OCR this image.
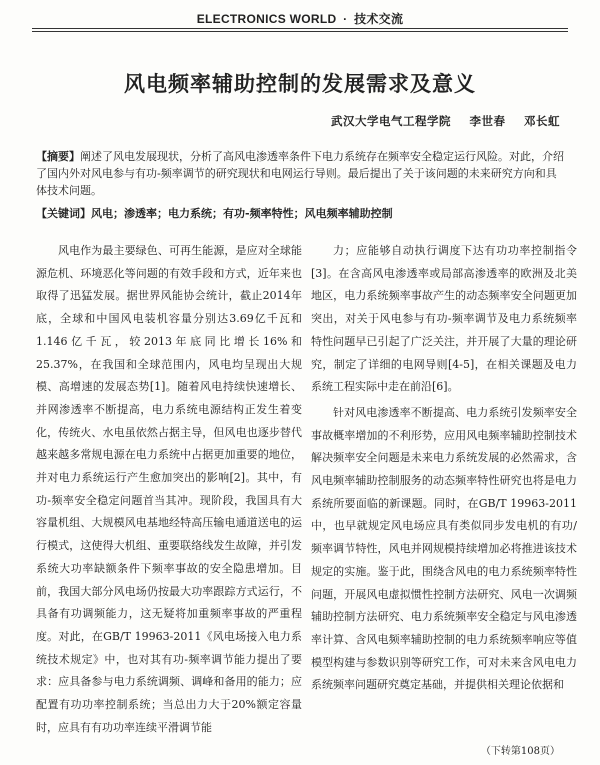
ELECTRONICS WORLD · 技术交流
风电频率辅助控制的发展需求及意义
武汉大学电气工程学院 李世春 邓长虹
【摘要】阐述了风电发展现状，分析了高风电渗透率条件下电力系统存在频率安全稳定运行风险。对此，介绍了国内外对风电参与有功-频率调节的研究现状和电网运行导则。最后提出了关于该问题的未来研究方向和具体技术问题。
【关键词】风电；渗透率；电力系统；有功-频率特性；风电频率辅助控制

风电作为最主要绿色、可再生能源，是应对全球能源危机、环境恶化等问题的有效手段和方式，近年来也取得了迅猛发展。据世界风能协会统计，截止2014年底，全球和中国风电装机容量分别达3.69亿千瓦和1.146亿千瓦，较2013年底同比增长16%和25.37%，在我国和全球范围内，风电均呈现出大规模、高增速的发展态势[1]。随着风电持续快速增长、并网渗透率不断提高，电力系统电源结构正发生着变化，传统火、水电虽依然占据主导，但风电也逐步替代越来越多常规电源在电力系统中占据更加重要的地位，并对电力系统运行产生愈加突出的影响[2]。其中，有功-频率安全稳定问题首当其冲。现阶段，我国具有大容量机组、大规模风电基地经特高压输电通道送电的运行模式，这使得大机组、重要联络线发生故障，并引发系统大功率缺额条件下频率事故的安全隐患增加。目前，我国大部分风电场仍按最大功率跟踪方式运行，不具备有功调频能力，这无疑将加重频率事故的严重程度。对此，在GB/T 19963-2011《风电场接入电力系统技术规定》中，也对其有功-频率调节能力提出了要求：应具备参与电力系统调频、调峰和备用的能力；应配置有功功率控制系统；当总出力大于20%额定容量时，应具有有功功率连续平滑调节能

力；应能够自动执行调度下达有功功率控制指令[3]。在含高风电渗透率或局部高渗透率的欧洲及北美地区，电力系统频率事故产生的动态频率安全问题更加突出，对关于风电参与有功-频率调节及电力系统频率特性问题早已引起了广泛关注，并开展了大量的理论研究，制定了详细的电网导则[4-5]，在相关课题及电力系统工程实际中走在前沿[6]。

针对风电渗透率不断提高、电力系统引发频率安全事故概率增加的不利形势，应用风电频率辅助控制技术解决频率安全问题是未来电力系统发展的必然需求，含风电频率辅助控制服务的动态频率特性研究也将是电力系统所要面临的新课题。同时，在GB/T 19963-2011中，也早就规定风电场应具有类似同步发电机的有功/频率调节特性，风电并网规模持续增加必将推进该技术规定的实施。鉴于此，围绕含风电的电力系统频率特性问题，开展风电虚拟惯性控制方法研究、风电一次调频辅助控制方法研究、电力系统频率安全稳定与风电渗透率计算、含风电频率辅助控制的电力系统频率响应等值模型构建与参数识别等研究工作，可对未来含风电电力系统频率问题研究奠定基础，并提供相关理论依据和

（下转第108页）
